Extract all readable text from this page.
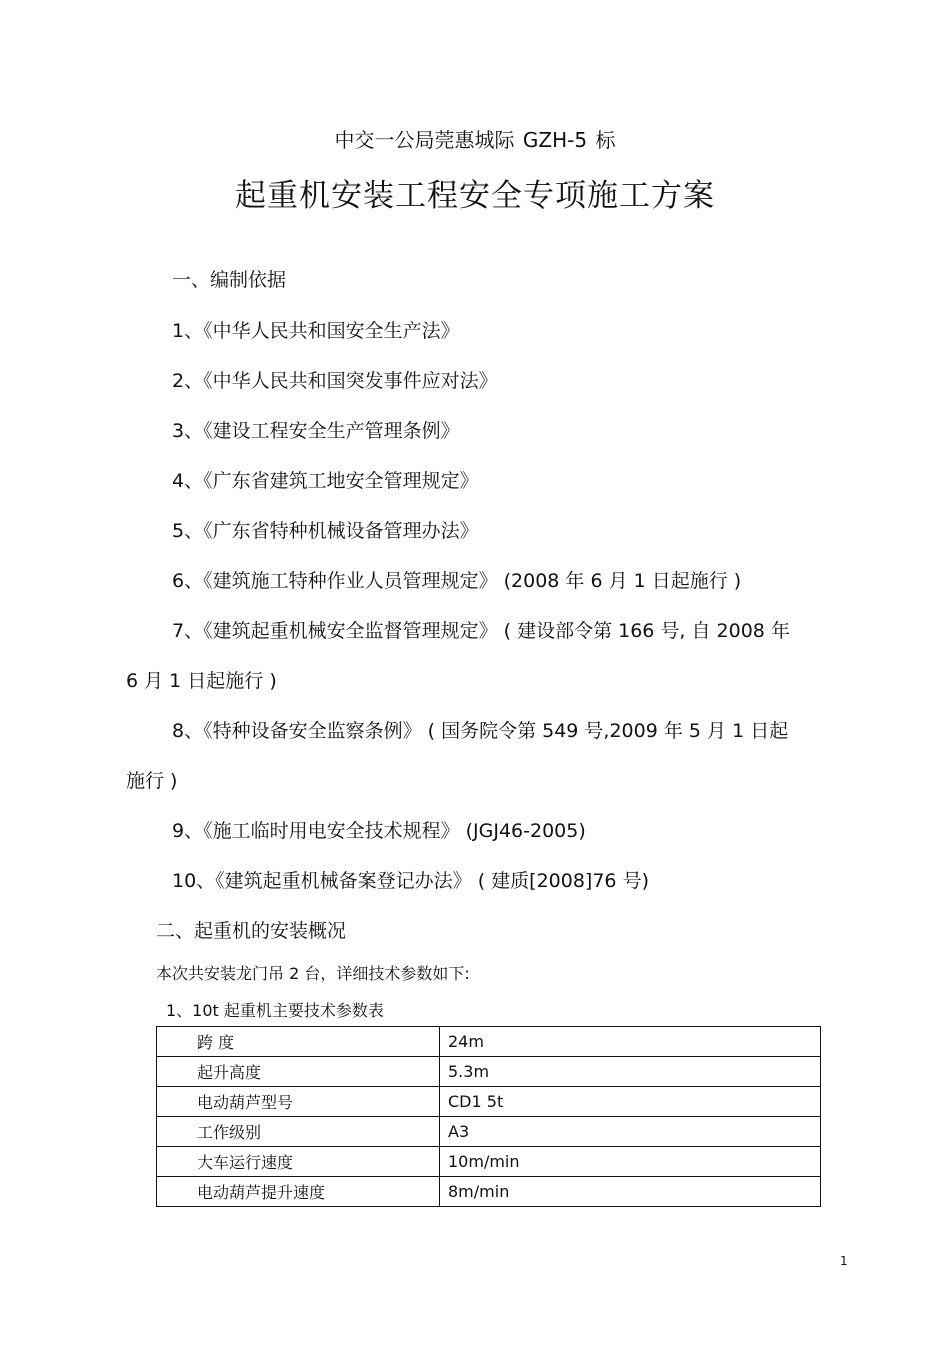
中交一公局莞惠城际 GZH-5 标
起重机安装工程安全专项施工方案
一、编制依据
1、《中华人民共和国安全生产法》
2、《中华人民共和国突发事件应对法》
3、《建设工程安全生产管理条例》
4、《广东省建筑工地安全管理规定》
5、《广东省特种机械设备管理办法》
6、《建筑施工特种作业人员管理规定》 (2008 年 6 月 1 日起施行 )
7、《建筑起重机械安全监督管理规定》 ( 建设部令第 166 号, 自 2008 年
6 月 1 日起施行 )
8、《特种设备安全监察条例》 ( 国务院令第 549 号,2009 年 5 月 1 日起
施行 )
9、《施工临时用电安全技术规程》 (JGJ46-2005)
10、《建筑起重机械备案登记办法》 ( 建质[2008]76 号)
二、起重机的安装概况
本次共安装龙门吊 2 台，详细技术参数如下:
1、10t 起重机主要技术参数表
跨 度	24m
起升高度	5.3m
电动葫芦型号	CD1 5t
工作级别	A3
大车运行速度	10m/min
电动葫芦提升速度	8m/min
1
